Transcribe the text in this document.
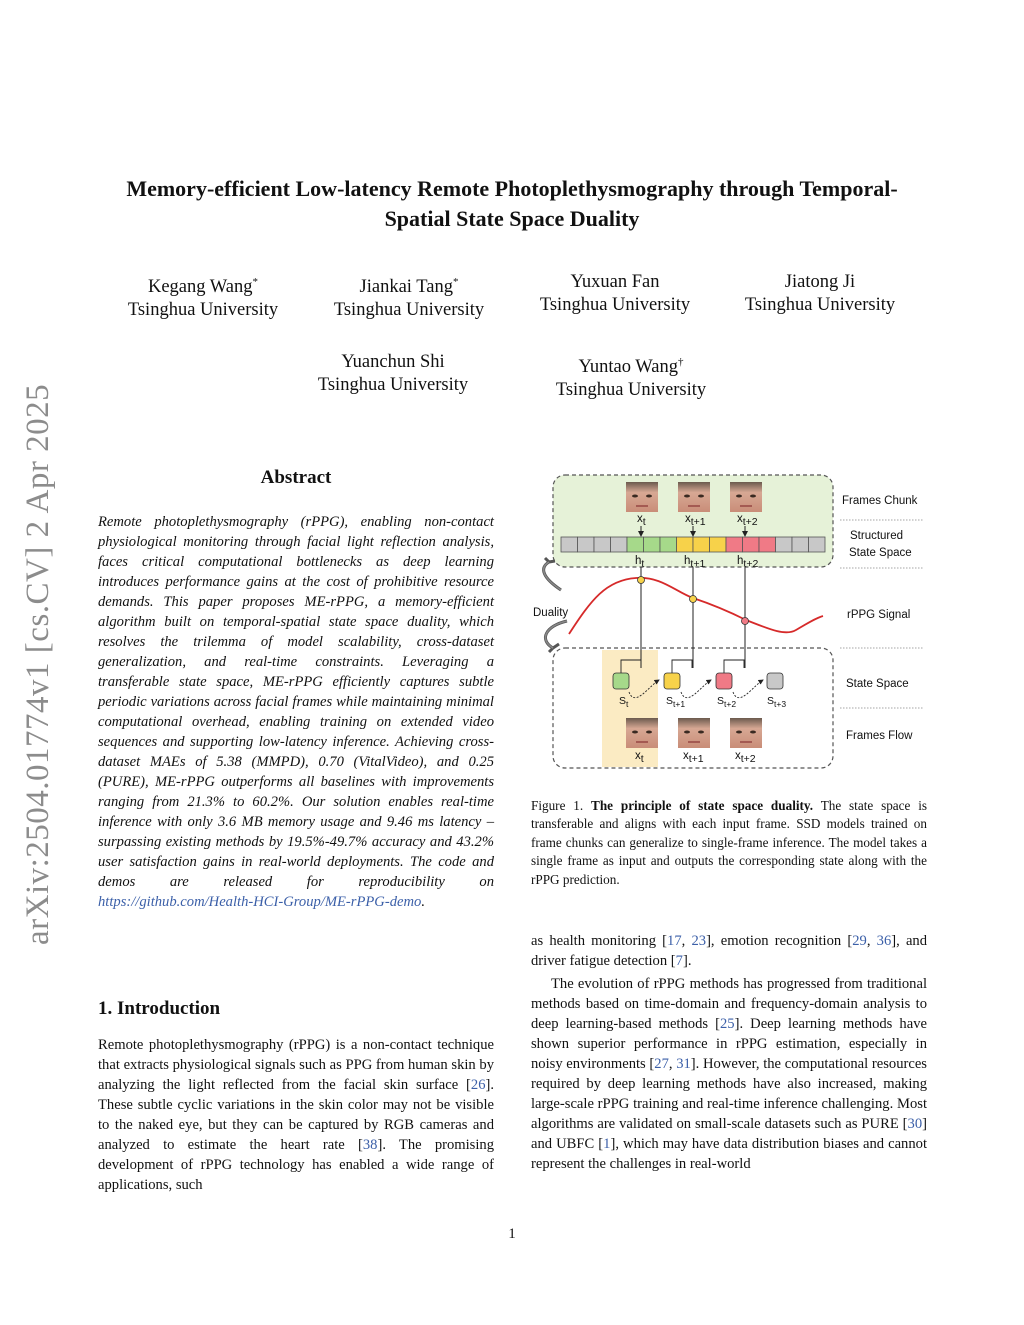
arXiv:2504.01774v1 [cs.CV] 2 Apr 2025
Memory-efficient Low-latency Remote Photoplethysmography through Temporal-Spatial State Space Duality
Kegang Wang*
Tsinghua University
Jiankai Tang*
Tsinghua University
Yuxuan Fan
Tsinghua University
Jiatong Ji
Tsinghua University
Yuanchun Shi
Tsinghua University
Yuntao Wang†
Tsinghua University
Abstract

Remote photoplethysmography (rPPG), enabling non-contact physiological monitoring through facial light reflection analysis, faces critical computational bottlenecks as deep learning introduces performance gains at the cost of prohibitive resource demands. This paper proposes ME-rPPG, a memory-efficient algorithm built on temporal-spatial state space duality, which resolves the trilemma of model scalability, cross-dataset generalization, and real-time constraints. Leveraging a transferable state space, ME-rPPG efficiently captures subtle periodic variations across facial frames while maintaining minimal computational overhead, enabling training on extended video sequences and supporting low-latency inference. Achieving cross-dataset MAEs of 5.38 (MMPD), 0.70 (VitalVideo), and 0.25 (PURE), ME-rPPG outperforms all baselines with improvements ranging from 21.3% to 60.2%. Our solution enables real-time inference with only 3.6 MB memory usage and 9.46 ms latency – surpassing existing methods by 19.5%-49.7% accuracy and 43.2% user satisfaction gains in real-world deployments. The code and demos are released for reproducibility on https://github.com/Health-HCI-Group/ME-rPPG-demo.

1. Introduction

Remote photoplethysmography (rPPG) is a non-contact technique that extracts physiological signals such as PPG from human skin by analyzing the light reflected from the facial skin surface [26]. These subtle cyclic variations in the skin color may not be visible to the naked eye, but they can be captured by RGB cameras and analyzed to estimate the heart rate [38]. The promising development of rPPG technology has enabled a wide range of applications, such

xt	xt+1	xt+2
ht	ht+1	ht+2
Frames Chunk
Structured
State Space
rPPG Signal
State Space
Frames Flow
Duality
$S_t$	$S_{t+1}$	$S_{t+2}$	$S_{t+3}$
xt	xt+1	xt+2

Figure 1. The principle of state space duality. The state space is transferable and aligns with each input frame. SSD models trained on frame chunks can generalize to single-frame inference. The model takes a single frame as input and outputs the corresponding state along with the rPPG prediction.

as health monitoring [17, 23], emotion recognition [29, 36], and driver fatigue detection [7].

The evolution of rPPG methods has progressed from traditional methods based on time-domain and frequency-domain analysis to deep learning-based methods [25]. Deep learning methods have shown superior performance in rPPG estimation, especially in noisy environments [27, 31]. However, the computational resources required by deep learning methods have also increased, making large-scale rPPG training and real-time inference challenging. Most algorithms are validated on small-scale datasets such as PURE [30] and UBFC [1], which may have data distribution biases and cannot represent the challenges in real-world

1
